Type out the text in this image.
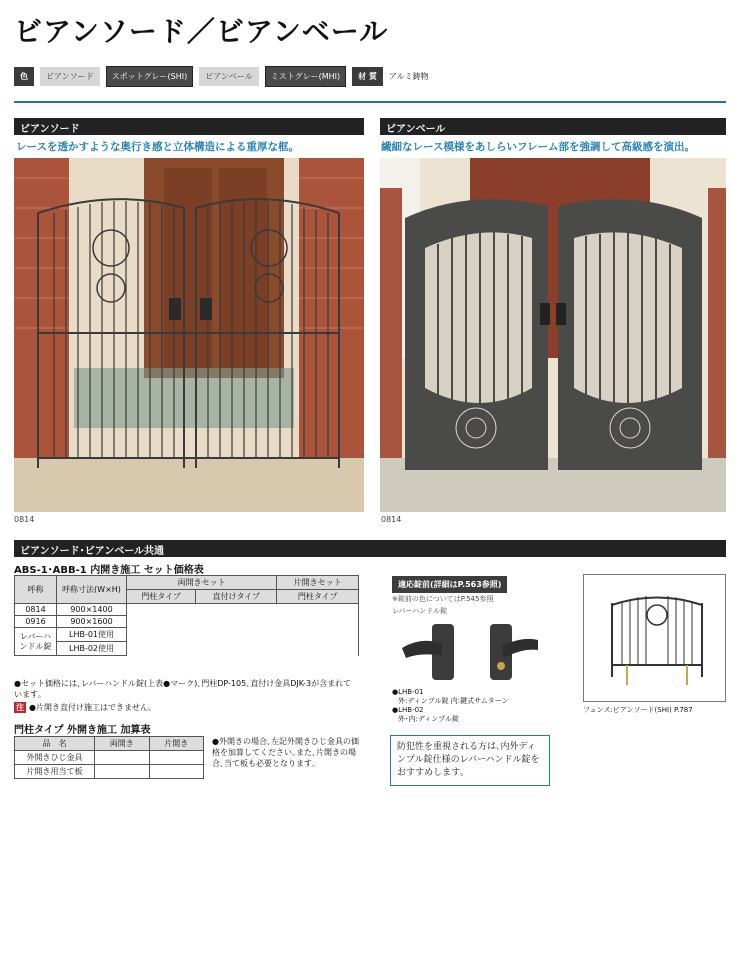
ビアンソード／ビアンベール
色	ビアンソード	スポットグレー(SHI)	ビアンベール	ミストグレー(MHI)	材 質	アルミ鋳物
ビアンソード
レースを透かすような奥行き感と立体構造による重厚な框。
0814
ビアンベール
繊細なレース模様をあしらいフレーム部を強調して高級感を演出。
0814
ビアンソード･ビアンベール共通
ABS-1･ABB-1 内開き施工 セット価格表
呼称	呼称寸法(W×H)	両開きセット		片開きセット
		門柱タイプ	直付けタイプ	門柱タイプ
0814	900×1400			
0916	900×1600			
レバーハンドル錠	LHB-01使用			
	LHB-02使用			
●セット価格には､レバーハンドル錠(上表●マーク)､門柱DP-105､直付け金具DJK-3が含まれています｡
注 ●片開き直付け施工はできません｡
門柱タイプ 外開き施工 加算表
品　名	両開き	片開き
外開きひじ金具		
片開き用当て板		
●外開きの場合､左記外開きひじ金具の価格を加算してください｡また､片開きの場合､当て板も必要となります｡
適応錠前(詳細はP.563参照)
※錠前の色についてはP.545参照
レバーハンドル錠
●LHB-01
外:ディンプル錠 内:鍵式サムターン
●LHB-02
外･内:ディンプル錠
防犯性を重視される方は､内外ディンプル錠仕様のレバーハンドル錠をおすすめします｡
フェンス:ビアンソード(SHI) P.787
